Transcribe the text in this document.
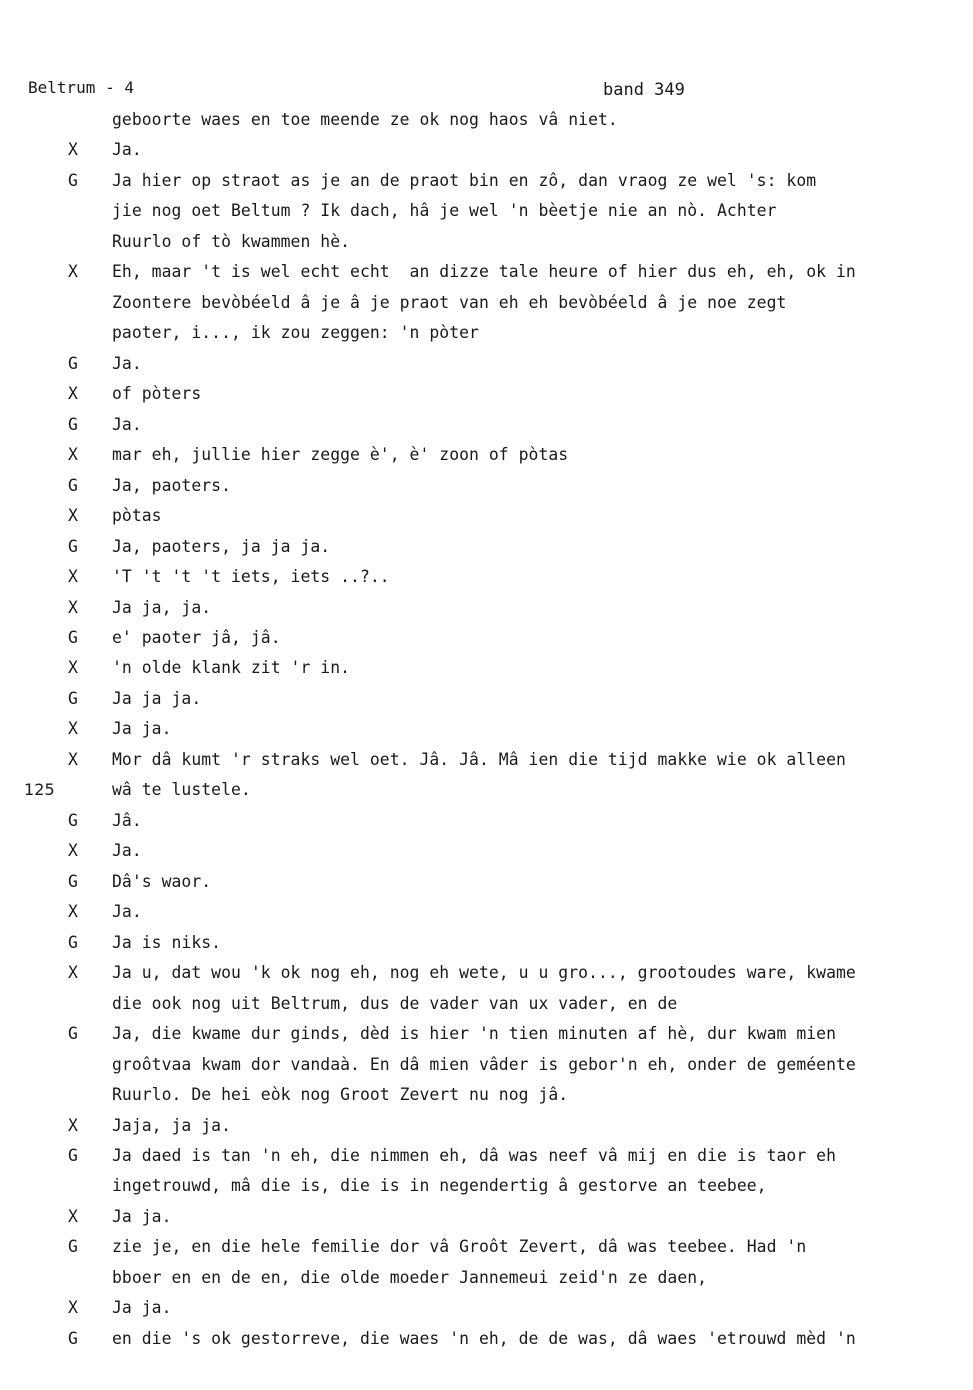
Beltrum - 4	band 349
geboorte waes en toe meende ze ok nog haos vâ niet.
X Ja.
G Ja hier op straot as je an de praot bin en zô, dan vraog ze wel 's: kom
jie nog oet Beltum ? Ik dach, hâ je wel 'n bèetje nie an nò. Achter
Ruurlo of tò kwammen hè.
X Eh, maar 't is wel echt echt  an dizze tale heure of hier dus eh, eh, ok in
Zoontere bevòbéeld â je â je praot van eh eh bevòbéeld â je noe zegt
paoter, i..., ik zou zeggen: 'n pòter
G Ja.
X of pòters
G Ja.
X mar eh, jullie hier zegge è', è' zoon of pòtas
G Ja, paoters.
X pòtas
G Ja, paoters, ja ja ja.
X 'T 't 't 't iets, iets ..?..
X Ja ja, ja.
G e' paoter jâ, jâ.
X 'n olde klank zit 'r in.
G Ja ja ja.
X Ja ja.
X Mor dâ kumt 'r straks wel oet. Jâ. Jâ. Mâ ien die tijd makke wie ok alleen
125	wâ te lustele.
G Jâ.
X Ja.
G Dâ's waor.
X Ja.
G Ja is niks.
X Ja u, dat wou 'k ok nog eh, nog eh wete, u u gro..., grootoudes ware, kwame
die ook nog uit Beltrum, dus de vader van ux vader, en de
G Ja, die kwame dur ginds, dèd is hier 'n tien minuten af hè, dur kwam mien
groôtvaa kwam dor vandaà. En dâ mien vâder is gebor'n eh, onder de geméente
Ruurlo. De hei eòk nog Groot Zevert nu nog jâ.
X Jaja, ja ja.
G Ja daed is tan 'n eh, die nimmen eh, dâ was neef vâ mij en die is taor eh
ingetrouwd, mâ die is, die is in negendertig â gestorve an teebee,
X Ja ja.
G zie je, en die hele femilie dor vâ Groôt Zevert, dâ was teebee. Had 'n
bboer en en de en, die olde moeder Jannemeui zeid'n ze daen,
X Ja ja.
G en die 's ok gestorreve, die waes 'n eh, de de was, dâ waes 'etrouwd mèd 'n
